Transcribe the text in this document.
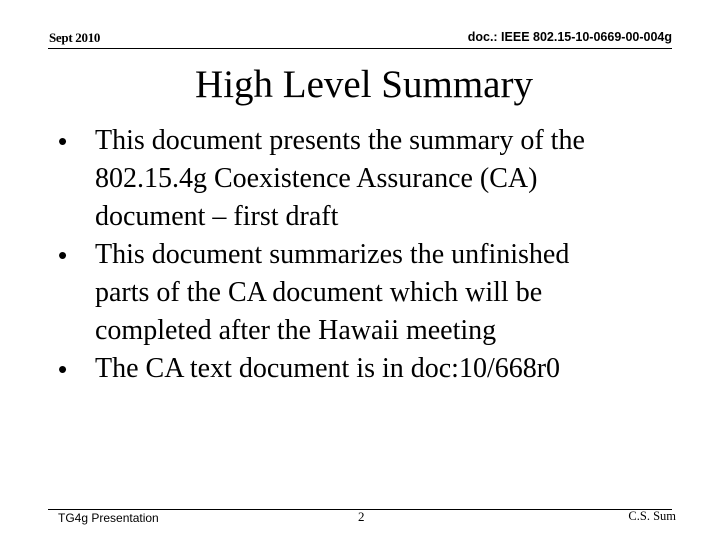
Sept 2010	doc.: IEEE 802.15-10-0669-00-004g
High Level Summary
• This document presents the summary of the
802.15.4g Coexistence Assurance (CA)
document – first draft
• This document summarizes the unfinished
parts of the CA document which will be
completed after the Hawaii meeting
• The CA text document is in doc:10/668r0
TG4g Presentation	2	C.S. Sum
